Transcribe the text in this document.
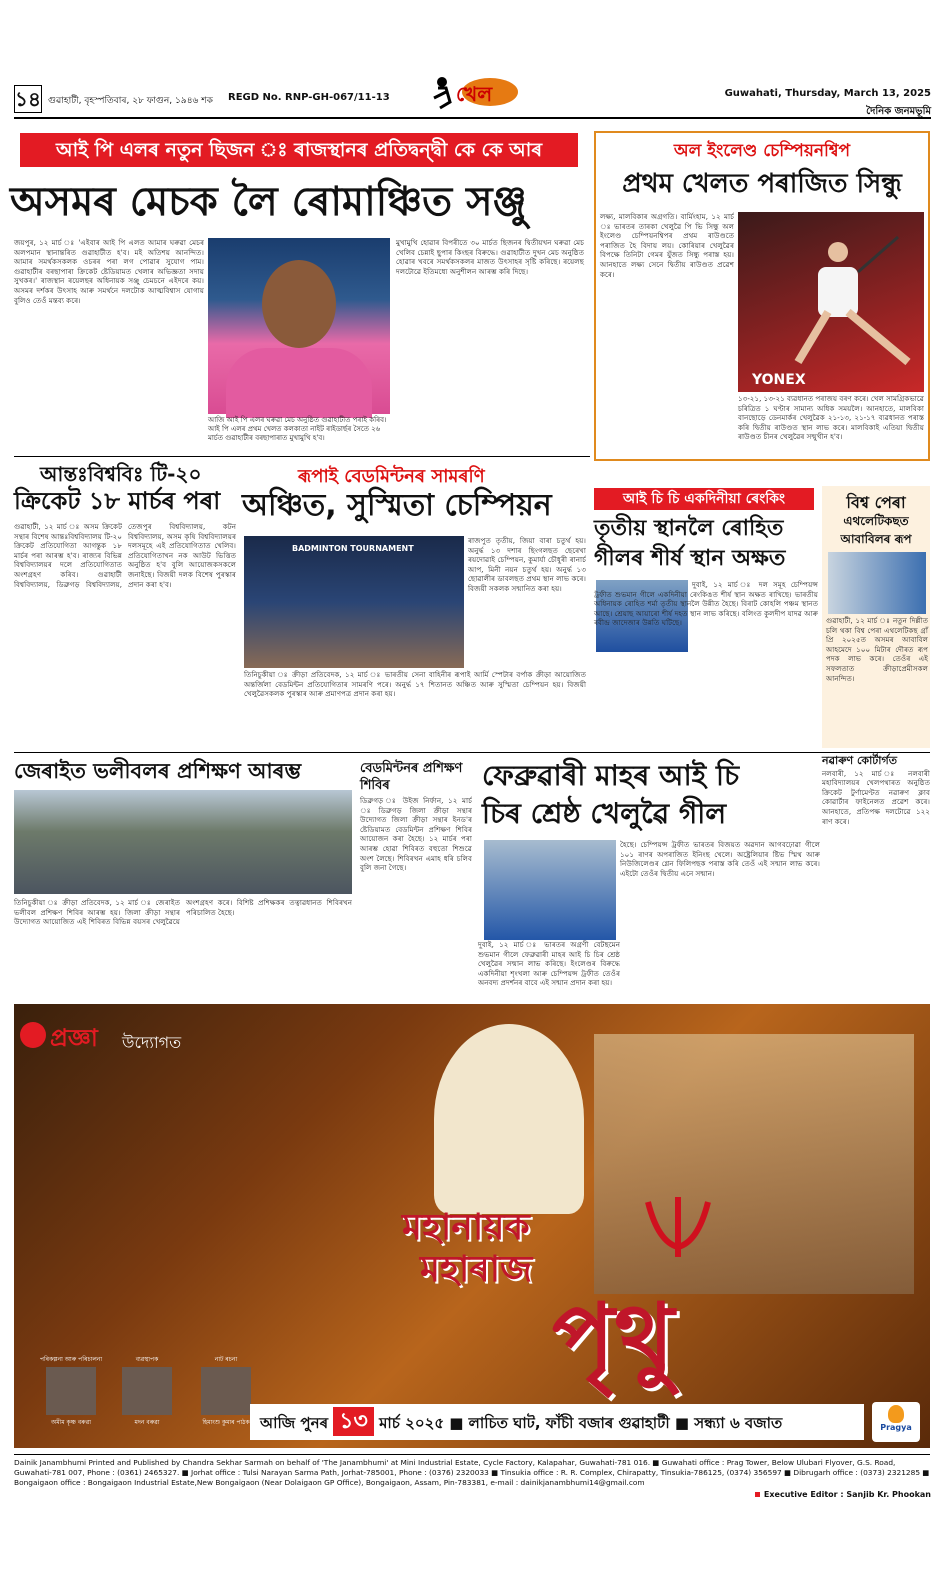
১৪ গুৱাহাটী, বৃহস্পতিবাৰ, ২৮ ফাগুন, ১৯৪৬ শক REGD No. RNP-GH-067/11-13	খেল	Guwahati, Thursday, March 13, 2025
দৈনিক জনমভূমি
আই পি এলৰ নতুন ছিজন ঃ ৰাজস্থানৰ প্ৰতিদ্বন্দ্বী কে কে আৰ
অসমৰ মেচক লৈ ৰোমাঞ্চিত সঞ্জু
জয়পুৰ, ১২ মাৰ্চ ঃ 'এইবাৰ আই পি এলত আমাৰ ঘৰুৱা মেচৰ অলপমান স্থানান্তৰিত গুৱাহাটীত হ'ব। মই অতিশয় আনন্দিত। আমাৰ সমৰ্থকসকলক ওচৰৰ পৰা লগ পোৱাৰ সুযোগ পাম। গুৱাহাটীৰ বৰছাপাৰা ক্ৰিকেট ষ্টেডিয়ামত খেলাৰ অভিজ্ঞতা সদায় সুখকৰ।' ৰাজস্থান ৰয়েলছৰ অধিনায়ক সঞ্জু চেমচনে এইদৰে কয়। অসমৰ দৰ্শকৰ উৎসাহ আৰু সমৰ্থনে দলটোক আত্মবিশ্বাস যোগায় বুলিও তেওঁ মন্তব্য কৰে।
আজি আই পি এলৰ ঘৰুৱা মেচ অনুষ্ঠিত গুৱাহাটীত পৰাই কৰিব। আই পি এলৰ প্ৰথম খেলত কলকাতা নাইট ৰাইডাৰ্ছৰ সৈতে ২৬ মাৰ্চত গুৱাহাটীৰ বৰছাপাৰাত মুখামুখি হ'ব।
মুখামুখি হোৱাৰ বিপৰীতে ৩০ মাৰ্চত ছিজনৰ দ্বিতীয়খন ঘৰুৱা মেচ খেলিব চেন্নাই ছুপাৰ কিংছৰ বিৰুদ্ধে। গুৱাহাটীত দুখন মেচ অনুষ্ঠিত হোৱাৰ খবৰে সমৰ্থকসকলৰ মাজত উৎসাহৰ সৃষ্টি কৰিছে। ৰয়েলছ দলটোৱে ইতিমধ্যে অনুশীলন আৰম্ভ কৰি দিছে।
অল ইংলেণ্ড চেম্পিয়নশ্বিপ
প্ৰথম খেলত পৰাজিত সিন্ধু
লক্ষ্য, মালবিকাৰ অগ্ৰগতি। বাৰ্মিংহাম, ১২ মাৰ্চ ঃ ভাৰতৰ তাৰকা খেলুৱৈ পি ভি সিন্ধু অল ইংলেণ্ড চেম্পিয়নশ্বিপৰ প্ৰথম ৰাউণ্ডতে পৰাজিত হৈ বিদায় লয়। কোৰিয়াৰ খেলুৱৈৰ বিপক্ষে তিনিটা গেমৰ যুঁজত সিন্ধু পৰাস্ত হয়। আনহাতে লক্ষ্য সেনে দ্বিতীয় ৰাউণ্ডত প্ৰৱেশ কৰে।
YONEX
১৩-২১, ১৩-২১ ব্যৱধানত পৰাজয় বৰণ কৰে। খেল সামগ্ৰিকভাৱে চৰিত্ৰিত ১ ঘণ্টাৰ সামান্য অধিক সময়লৈ। আনহাতে, মালবিকা বানছোড়ে ডেনমাৰ্কৰ খেলুৱৈক ২১-১৩, ২১-১৭ ব্যৱধানত পৰাস্ত কৰি দ্বিতীয় ৰাউণ্ডত স্থান লাভ কৰে। মালবিকাই এতিয়া দ্বিতীয় ৰাউণ্ডত চীনৰ খেলুৱৈৰ সন্মুখীন হ'ব।
আন্তঃবিশ্ববিঃ টি-২০
ক্ৰিকেট ১৮ মাৰ্চৰ পৰা
গুৱাহাটী, ১২ মাৰ্চ ঃ অসম ক্ৰিকেট সন্থাৰ বিশেষ আন্তঃবিশ্ববিদ্যালয় টি-২০ ক্ৰিকেট প্ৰতিযোগিতা আগন্তুক ১৮ মাৰ্চৰ পৰা আৰম্ভ হ'ব। ৰাজ্যৰ বিভিন্ন বিশ্ববিদ্যালয়ৰ দলে প্ৰতিযোগিতাত অংশগ্ৰহণ কৰিব। গুৱাহাটী বিশ্ববিদ্যালয়, ডিব্ৰুগড় বিশ্ববিদ্যালয়, তেজপুৰ বিশ্ববিদ্যালয়, কটন বিশ্ববিদ্যালয়, অসম কৃষি বিশ্ববিদ্যালয়ৰ দলসমূহে এই প্ৰতিযোগিতাত খেলিব। প্ৰতিযোগিতাখন নক আউট ভিত্তিত অনুষ্ঠিত হ'ব বুলি আয়োজকসকলে জনাইছে। বিজয়ী দলক বিশেষ পুৰস্কাৰ প্ৰদান কৰা হ'ব।
ৰূপাই বেডমিন্টনৰ সামৰণি
অঞ্চিত, সুস্মিতা চেম্পিয়ন
BADMINTON TOURNAMENT
তিনিচুকীয়া ঃ ক্ৰীড়া প্ৰতিবেদক, ১২ মাৰ্চ ঃ ভাৰতীয় সেনা বাহিনীৰ ৰূপাই আৰ্মি স্পেটাৰ বৰ্পাক ক্ৰীড়া আয়োজিত অন্তৰ্জিলা বেডমিন্টন প্ৰতিযোগিতাৰ সামৰণি পৰে। অনুৰ্দ্ধ ১৭ শিতানত অঞ্চিত আৰু সুস্মিতা চেম্পিয়ন হয়। বিজয়ী খেলুৱৈসকলক পুৰস্কাৰ আৰু প্ৰমাণপত্ৰ প্ৰদান কৰা হয়।
ৰাজপুত তৃতীয়, জিয়া বাৰা চতুৰ্থ হয়। অনুৰ্দ্ধ ১৩ দশাৰ ছিংগলছত ছেৰেখা ৰয়দোৱাই চেম্পিয়ন, কুমাৰ্যা চৌধুৰী ৰানাৰ্চ আপ, মিনী নয়ন চতুৰ্থ হয়। অনুৰ্দ্ধ ১৩ ছোৱালীৰ ডাবলছত প্ৰথম স্থান লাভ কৰে। বিজয়ী সকলক সন্মানিত কৰা হয়।
আই চি চি একদিনীয়া ৰেংকিং
তৃতীয় স্থানলৈ ৰোহিত
গীলৰ শীৰ্ষ স্থান অক্ষত
দুবাই, ১২ মাৰ্চ ঃ দল সমূহ চেম্পিয়ন্স ট্ৰফীত শুভমান গীলে একদিনীয়া ৰেংকিঙত শীৰ্ষ স্থান অক্ষত ৰাখিছে। ভাৰতীয় অধিনায়ক ৰোহিত শৰ্মা তৃতীয় স্থানলৈ উন্নীত হৈছে। বিৰাট কোহলি পঞ্চম স্থানত আছে। শ্ৰেয়াছ আয়াৰো শীৰ্ষ দহত স্থান লাভ কৰিছে। বলিংত কুলদীপ যাদৱ আৰু ৰবীন্দ্ৰ জাদেজাৰ উন্নতি ঘটিছে।
বিশ্ব পেৰা
এথলেটিকছত আবাবিলৰ ৰূপ
গুৱাহাটী, ১২ মাৰ্চ ঃ নতুন দিল্লীত চলি থকা বিশ্ব পেৰা এথলেটিকছ গ্ৰাঁ প্ৰি ২০২৫ত অসমৰ আবাবিল আহমেদে ১০০ মিটাৰ দৌৰত ৰূপ পদক লাভ কৰে। তেওঁৰ এই সফলতাত ক্ৰীড়াপ্ৰেমীসকল আনন্দিত।
জেৰাইত ভলীবলৰ প্ৰশিক্ষণ আৰম্ভ
তিনিচুকীয়া ঃ ক্ৰীড়া প্ৰতিবেদক, ১২ মাৰ্চ ঃ জেৰাইত ভলীবল প্ৰশিক্ষণ শিবিৰ আৰম্ভ হয়। জিলা ক্ৰীড়া সন্থাৰ উদ্যোগত আয়োজিত এই শিবিৰত বিভিন্ন বয়সৰ খেলুৱৈয়ে অংশগ্ৰহণ কৰে। বিশিষ্ট প্ৰশিক্ষকৰ তত্বাৱধানত শিবিৰখন পৰিচালিত হৈছে।
বেডমিন্টনৰ প্ৰশিক্ষণ শিবিৰ
ডিব্ৰুগড় ঃ উইজ নিৰ্ফান, ১২ মাৰ্চ ঃ ডিব্ৰুগড় জিলা ক্ৰীড়া সন্থাৰ উদ্যোগত জিলা ক্ৰীড়া সন্থাৰ ইনড'ৰ ষ্টেডিয়ামত বেডমিন্টন প্ৰশিক্ষণ শিবিৰ আয়োজন কৰা হৈছে। ১২ মাৰ্চৰ পৰা আৰম্ভ হোৱা শিবিৰত বহুতো শিশুৱে অংশ লৈছে। শিবিৰখন এমাহ ধৰি চলিব বুলি জনা গৈছে।
ফেব্ৰুৱাৰী মাহৰ আই চি
চিৰ শ্ৰেষ্ঠ খেলুৱৈ গীল
দুবাই, ১২ মাৰ্চ ঃ ভাৰতৰ অগ্ৰণী বেটছমেন শুভমান গীলে ফেব্ৰুৱাৰী মাহৰ আই চি চিৰ শ্ৰেষ্ঠ খেলুৱৈৰ সন্মান লাভ কৰিছে। ইংলেণ্ডৰ বিৰুদ্ধে একদিনীয়া শৃংখলা আৰু চেম্পিয়ন্স ট্ৰফীত তেওঁৰ অনবদ্য প্ৰদৰ্শনৰ বাবে এই সন্মান প্ৰদান কৰা হয়।
হৈছে। চেম্পিয়ন্স ট্ৰফীত ভাৰতৰ বিজয়ত অৱদান আগবঢ়োৱা গীলে ১০১ ৰাণৰ অপৰাজিত ইনিংছ খেলে। অষ্ট্ৰেলিয়াৰ ষ্টিভ স্মিথ আৰু নিউজিলেণ্ডৰ গ্লেন ফিলিপছক পৰাস্ত কৰি তেওঁ এই সন্মান লাভ কৰে। এইটো তেওঁৰ দ্বিতীয় এনে সন্মান।
নৱাৰুণ কোৰ্টাৰ্গত
নলবাৰী, ১২ মাৰ্চ ঃ নলবাৰী মহাবিদ্যালয়ৰ খেলপথাৰত অনুষ্ঠিত ক্ৰিকেট টুৰ্ণামেণ্টত নৱাৰুণ ক্লাব কোৱাৰ্টাৰ ফাইনেলত প্ৰৱেশ কৰে। আনহাতে, প্ৰতিপক্ষ দলটোৱে ১২২ ৰাণ কৰে।
প্ৰজ্ঞা উদ্যোগত
মহানায়ক
মহাৰাজ
পৃথু
পৰিকল্পনা আৰু পৰিচালনা
অমীম কৃষ্ণ বৰুৱা
ব্যৱস্থাপক
মদন বৰুৱা
নাট ৰচনা
হিমাংশু কুমাৰ পাঠক আজি পুনৰ ১৩ মাৰ্চ ২০২৫ ■ লাচিত ঘাট, ফাঁচী বজাৰ গুৱাহাটী ■ সন্ধ্যা ৬ বজাত	Pragya
Dainik Janambhumi Printed and Published by Chandra Sekhar Sarmah on behalf of 'The Janambhumi' at Mini Industrial Estate, Cycle Factory, Kalapahar, Guwahati-781 016. ■ Guwahati office : Prag Tower, Below Ulubari Flyover, G.S. Road, Guwahati-781 007, Phone : (0361) 2465327. ■ Jorhat office : Tulsi Narayan Sarma Path, Jorhat-785001, Phone : (0376) 2320033 ■ Tinsukia office : R. R. Complex, Chirapatty, Tinsukia-786125, (0374) 356597 ■ Dibrugarh office : (0373) 2321285 ■ Bongaigaon office : Bongaigaon Industrial Estate,New Bongaigaon (Near Dolaigaon GP Office), Bongaigaon, Assam, Pin-783381, e-mail : dainikjanambhumi14@gmail.com
Executive Editor : Sanjib Kr. Phookan
